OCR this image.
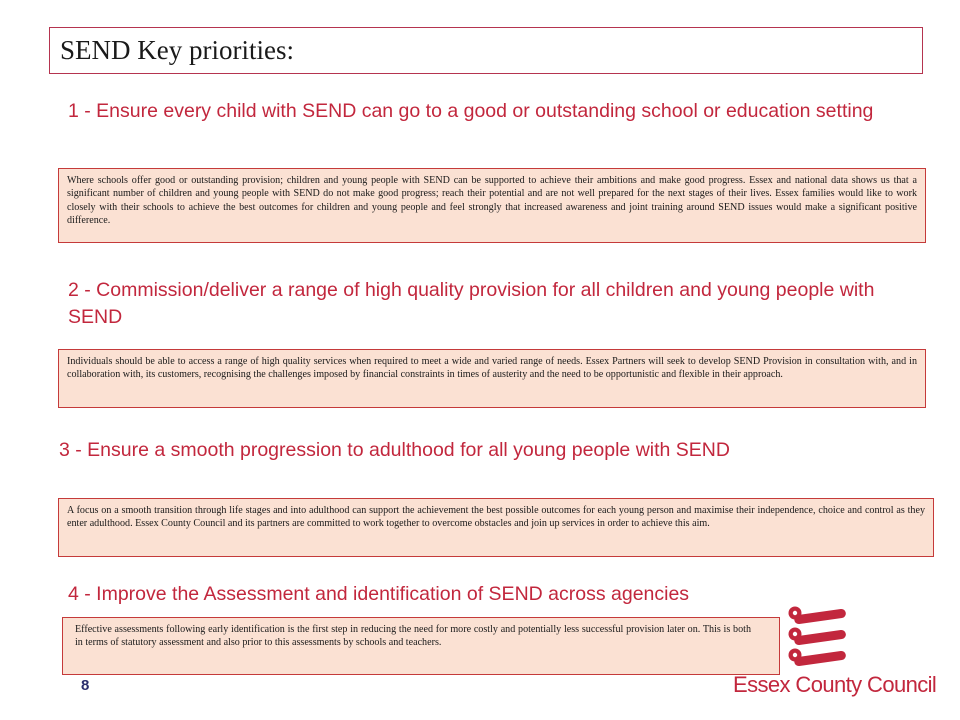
SEND Key priorities:
1 - Ensure every child with SEND can go to a good or outstanding school or education setting
Where schools offer good or outstanding provision; children and young people with SEND can be supported to achieve their ambitions and make good progress. Essex and national data shows us that a significant number of children and young people with SEND do not make good progress; reach their potential and are not well prepared for the next stages of their lives. Essex families would like to work closely with their schools to achieve the best outcomes for children and young people and feel strongly that increased awareness and joint training around SEND issues would make a significant positive difference.
2 - Commission/deliver a range of high quality provision for all children and young people with SEND
Individuals should be able to access a range of high quality services when required to meet a wide and varied range of needs. Essex Partners will seek to develop SEND Provision in consultation with, and in collaboration with, its customers, recognising the challenges imposed by financial constraints in times of austerity and the need to be opportunistic and flexible in their approach.
3 - Ensure a smooth progression to adulthood for all young people with SEND
A focus on a smooth transition through life stages and into adulthood can support the achievement the best possible outcomes for each young person and maximise their independence, choice and control as they enter adulthood. Essex County Council and its partners are committed to work together to overcome obstacles and join up services in order to achieve this aim.
4 - Improve the Assessment and identification of SEND across agencies
Effective assessments following early identification is the first step in reducing the need for more costly and potentially less successful provision later on. This is both in terms of statutory assessment and also prior to this assessments by schools and teachers.
8	Essex County Council
